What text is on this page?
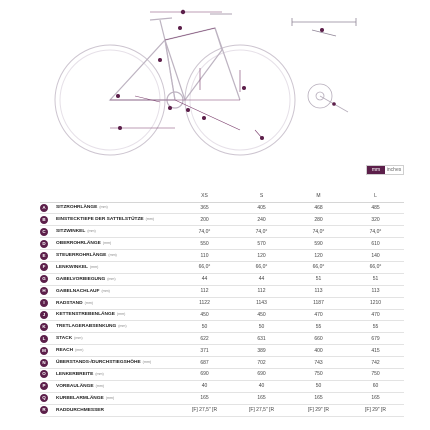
mm	inches
		XS	S	M	L
A	SITZROHRLÄNGE (mm)	365	405	468	485
B	EINSTECKTIEFE DER SATTELSTÜTZE (mm)	200	240	280	320
C	SITZWINKEL (mm)	74,0°	74,0°	74,0°	74,0°
D	OBERROHRLÄNGE (mm)	550	570	590	610
E	STEUERROHRLÄNGE (mm)	110	120	120	140
F	LENKWINKEL (mm)	66,0°	66,0°	66,0°	66,0°
G	GABELVORBIEGUNG (mm)	44	44	51	51
H	GABELNACHLAUF (mm)	112	112	113	113
I	RADSTAND (mm)	1122	1143	1187	1210
J	KETTENSTREBENLÄNGE (mm)	450	450	470	470
K	TRETLAGERABSENKUNG (mm)	50	50	55	55
L	STACK (mm)	622	631	660	679
M	REACH (mm)	371	389	400	415
N	ÜBERSTANDS-/DURCHSTIEGSHÖHE (mm)	687	702	743	742
O	LENKERBREITE (mm)	690	690	750	750
P	VORBAULÄNGE (mm)	40	40	50	60
Q	KURBELARMLÄNGE (mm)	165	165	165	165
R	RADDURCHMESSER	[F] 27,5" [R	[F] 27,5" [R	[F] 29" [R	[F] 29" [R
